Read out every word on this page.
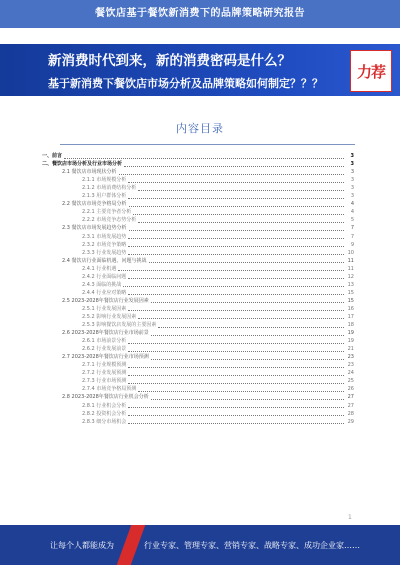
餐饮店基于餐饮新消费下的品牌策略研究报告
新消费时代到来，新的消费密码是什么？
基于新消费下餐饮店市场分析及品牌策略如何制定？？？
力荐
内容目录
一、前言	3
二、餐饮店市场分析及行业市场分析	3
2.1 餐饮店市场现状分析	3
2.1.1 市场规模分析	3
2.1.2 市场消费结构分析	3
2.1.3 用户群体分析	3
2.2 餐饮店市场竞争格局分析	4
2.2.1 主要竞争者分析	4
2.2.2 市场竞争态势分析	5
2.3 餐饮店市场发展趋势分析	7
2.3.1 市场发展趋势	7
2.3.2 市场竞争策略	9
2.3.3 行业发展趋势	10
2.4 餐饮店行业面临机遇、问题与挑战	11
2.4.1 行业机遇	11
2.4.2 行业面临问题	12
2.4.3 面临的挑战	13
2.4.4 行业应对策略	15
2.5 2023-2028年餐饮店行业发展因素	15
2.5.1 行业发展因素	16
2.5.2 影响行业发展因素	17
2.5.3 影响餐饮店发展的主要因素	18
2.6 2023-2028年餐饮店行业市场前景	19
2.6.1 市场前景分析	19
2.6.2 行业发展前景	21
2.7 2023-2028年餐饮店行业市场预测	23
2.7.1 行业规模预测	23
2.7.2 行业发展预测	24
2.7.3 行业市场预测	25
2.7.4 市场竞争格局预测	26
2.8 2023-2028年餐饮店行业机会分析	27
2.8.1 行业机会分析	27
2.8.2 投资机会分析	28
2.8.3 细分市场机会	29
1
让每个人都能成为	行业专家、管理专家、营销专家、战略专家、成功企业家……
